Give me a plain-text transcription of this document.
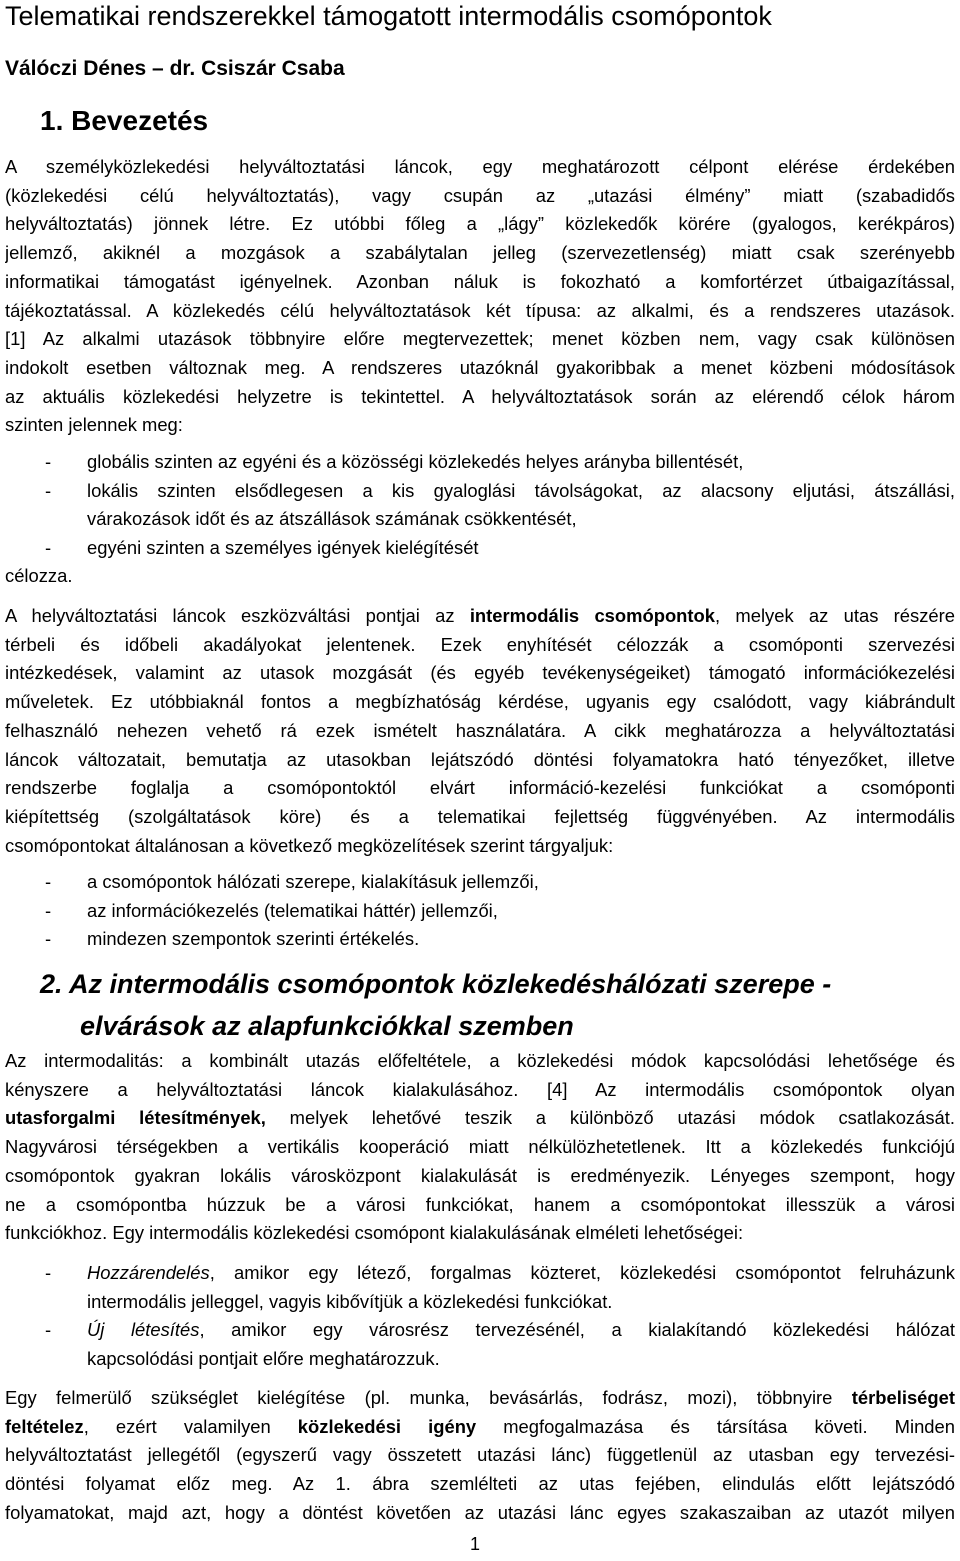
Telematikai rendszerekkel támogatott intermodális csomópontok
Válóczi Dénes – dr. Csiszár Csaba
1. Bevezetés
A személyközlekedési helyváltoztatási láncok, egy meghatározott célpont elérése érdekében
(közlekedési célú helyváltoztatás), vagy csupán az „utazási élmény” miatt (szabadidős
helyváltoztatás) jönnek létre. Ez utóbbi főleg a „lágy” közlekedők körére (gyalogos, kerékpáros)
jellemző, akiknél a mozgások a szabálytalan jelleg (szervezetlenség) miatt csak szerényebb
informatikai támogatást igényelnek. Azonban náluk is fokozható a komfortérzet útbaigazítással,
tájékoztatással. A közlekedés célú helyváltoztatások két típusa: az alkalmi, és a rendszeres utazások.
[1] Az alkalmi utazások többnyire előre megtervezettek; menet közben nem, vagy csak különösen
indokolt esetben változnak meg. A rendszeres utazóknál gyakoribbak a menet közbeni módosítások
az aktuális közlekedési helyzetre is tekintettel. A helyváltoztatások során az elérendő célok három
szinten jelennek meg:
- globális szinten az egyéni és a közösségi közlekedés helyes arányba billentését,
- lokális szinten elsődlegesen a kis gyaloglási távolságokat, az alacsony eljutási, átszállási,
várakozások időt és az átszállások számának csökkentését,
- egyéni szinten a személyes igények kielégítését
célozza.
A helyváltoztatási láncok eszközváltási pontjai az intermodális csomópontok, melyek az utas részére
térbeli és időbeli akadályokat jelentenek. Ezek enyhítését célozzák a csomóponti szervezési
intézkedések, valamint az utasok mozgását (és egyéb tevékenységeiket) támogató információkezelési
műveletek. Ez utóbbiaknál fontos a megbízhatóság kérdése, ugyanis egy csalódott, vagy kiábrándult
felhasználó nehezen vehető rá ezek ismételt használatára. A cikk meghatározza a helyváltoztatási
láncok változatait, bemutatja az utasokban lejátszódó döntési folyamatokra ható tényezőket, illetve
rendszerbe foglalja a csomópontoktól elvárt információ-kezelési funkciókat a csomóponti
kiépítettség (szolgáltatások köre) és a telematikai fejlettség függvényében. Az intermodális
csomópontokat általánosan a következő megközelítések szerint tárgyaljuk:
- a csomópontok hálózati szerepe, kialakításuk jellemzői,
- az információkezelés (telematikai háttér) jellemzői,
- mindezen szempontok szerinti értékelés.
2. Az intermodális csomópontok közlekedéshálózati szerepe -
elvárások az alapfunkciókkal szemben
Az intermodalitás: a kombinált utazás előfeltétele, a közlekedési módok kapcsolódási lehetősége és
kényszere a helyváltoztatási láncok kialakulásához. [4] Az intermodális csomópontok olyan
utasforgalmi létesítmények, melyek lehetővé teszik a különböző utazási módok csatlakozását.
Nagyvárosi térségekben a vertikális kooperáció miatt nélkülözhetetlenek. Itt a közlekedés funkciójú
csomópontok gyakran lokális városközpont kialakulását is eredményezik. Lényeges szempont, hogy
ne a csomópontba húzzuk be a városi funkciókat, hanem a csomópontokat illesszük a városi
funkciókhoz. Egy intermodális közlekedési csomópont kialakulásának elméleti lehetőségei:
- Hozzárendelés, amikor egy létező, forgalmas közteret, közlekedési csomópontot felruházunk
intermodális jelleggel, vagyis kibővítjük a közlekedési funkciókat.
- Új létesítés, amikor egy városrész tervezésénél, a kialakítandó közlekedési hálózat
kapcsolódási pontjait előre meghatározzuk.
Egy felmerülő szükséglet kielégítése (pl. munka, bevásárlás, fodrász, mozi), többnyire térbeliséget
feltételez, ezért valamilyen közlekedési igény megfogalmazása és társítása követi. Minden
helyváltoztatást jellegétől (egyszerű vagy összetett utazási lánc) függetlenül az utasban egy tervezési-
döntési folyamat előz meg. Az 1. ábra szemlélteti az utas fejében, elindulás előtt lejátszódó
folyamatokat, majd azt, hogy a döntést követően az utazási lánc egyes szakaszaiban az utazót milyen
1
